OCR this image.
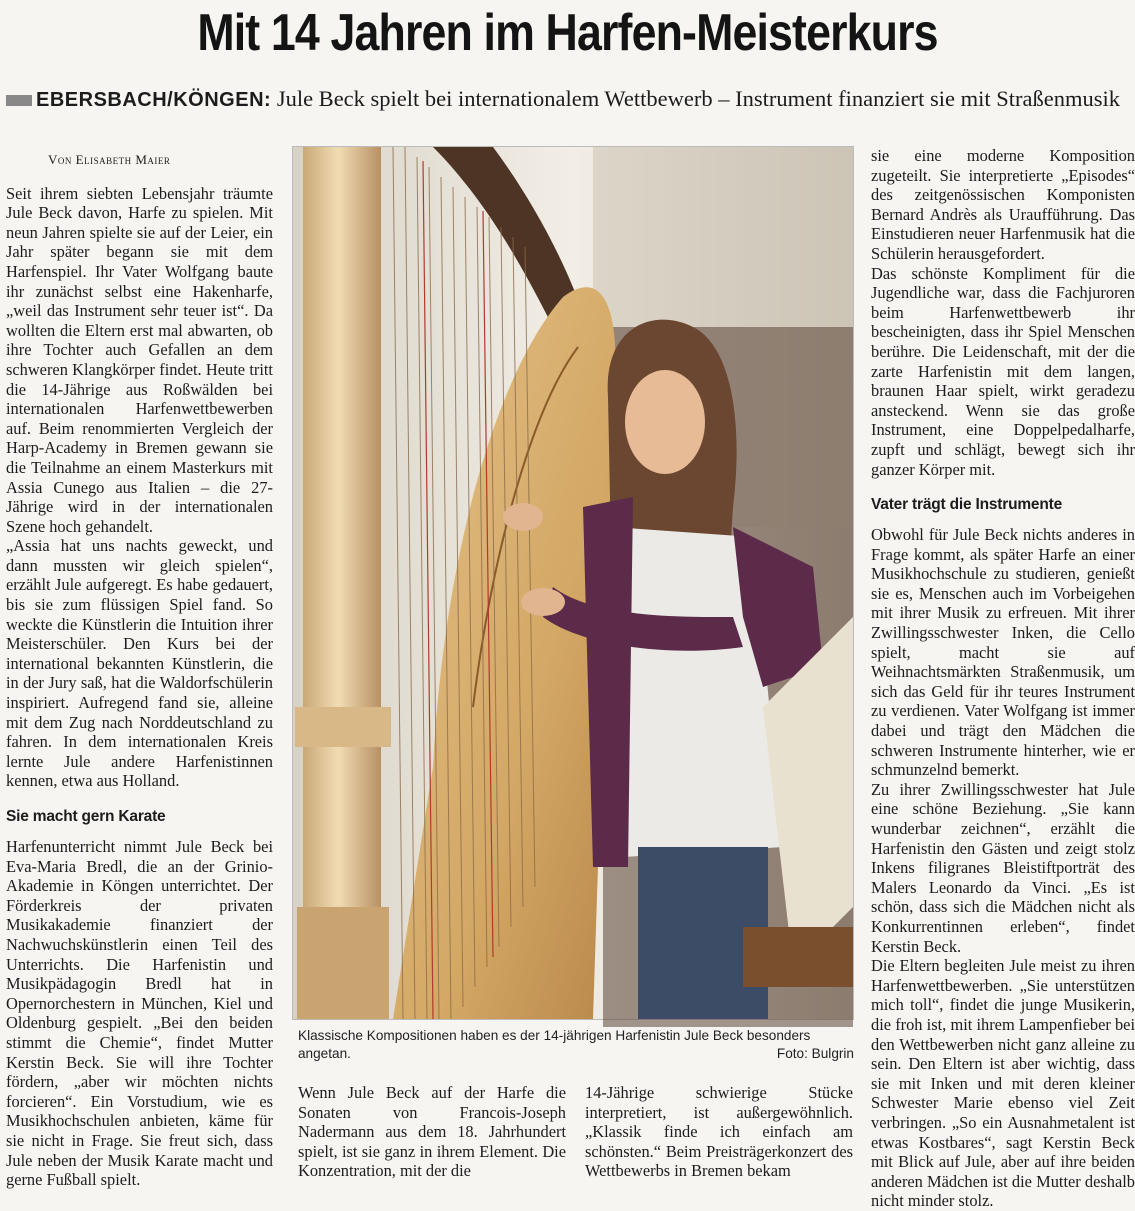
Mit 14 Jahren im Harfen-Meisterkurs
EBERSBACH/KÖNGEN: Jule Beck spielt bei internationalem Wettbewerb – Instrument finanziert sie mit Straßenmusik
Von Elisabeth Maier

Seit ihrem siebten Lebensjahr träumte Jule Beck davon, Harfe zu spielen. Mit neun Jahren spielte sie auf der Leier, ein Jahr später begann sie mit dem Harfenspiel. Ihr Vater Wolfgang baute ihr zunächst selbst eine Hakenharfe, „weil das Instrument sehr teuer ist“. Da wollten die Eltern erst mal abwarten, ob ihre Tochter auch Gefallen an dem schweren Klangkörper findet. Heute tritt die 14-Jährige aus Roßwälden bei internationalen Harfenwettbewerben auf. Beim renommierten Vergleich der Harp-Academy in Bremen gewann sie die Teilnahme an einem Masterkurs mit Assia Cunego aus Italien – die 27-Jährige wird in der internationalen Szene hoch gehandelt.

„Assia hat uns nachts geweckt, und dann mussten wir gleich spielen“, erzählt Jule aufgeregt. Es habe gedauert, bis sie zum flüssigen Spiel fand. So weckte die Künstlerin die Intuition ihrer Meisterschüler. Den Kurs bei der international bekannten Künstlerin, die in der Jury saß, hat die Waldorfschülerin inspiriert. Aufregend fand sie, alleine mit dem Zug nach Norddeutschland zu fahren. In dem internationalen Kreis lernte Jule andere Harfenistinnen kennen, etwa aus Holland.

Sie macht gern Karate

Harfenunterricht nimmt Jule Beck bei Eva-Maria Bredl, die an der Grinio-Akademie in Köngen unterrichtet. Der Förderkreis der privaten Musikakademie finanziert der Nachwuchskünstlerin einen Teil des Unterrichts. Die Harfenistin und Musikpädagogin Bredl hat in Opernorchestern in München, Kiel und Oldenburg gespielt. „Bei den beiden stimmt die Chemie“, findet Mutter Kerstin Beck. Sie will ihre Tochter fördern, „aber wir möchten nichts forcieren“. Ein Vorstudium, wie es Musikhochschulen anbieten, käme für sie nicht in Frage. Sie freut sich, dass Jule neben der Musik Karate macht und gerne Fußball spielt.

Klassische Kompositionen haben es der 14-jährigen Harfenistin Jule Beck besonders angetan.	Foto: Bulgrin

Wenn Jule Beck auf der Harfe die Sonaten von Francois-Joseph Nadermann aus dem 18. Jahrhundert spielt, ist sie ganz in ihrem Element. Die Konzentration, mit der die

14-Jährige schwierige Stücke interpretiert, ist außergewöhnlich. „Klassik finde ich einfach am schönsten.“ Beim Preisträgerkonzert des Wettbewerbs in Bremen bekam

sie eine moderne Komposition zugeteilt. Sie interpretierte „Episodes“ des zeitgenössischen Komponisten Bernard Andrès als Uraufführung. Das Einstudieren neuer Harfenmusik hat die Schülerin herausgefordert.

Das schönste Kompliment für die Jugendliche war, dass die Fachjuroren beim Harfenwettbewerb ihr bescheinigten, dass ihr Spiel Menschen berühre. Die Leidenschaft, mit der die zarte Harfenistin mit dem langen, braunen Haar spielt, wirkt geradezu ansteckend. Wenn sie das große Instrument, eine Doppelpedalharfe, zupft und schlägt, bewegt sich ihr ganzer Körper mit.

Vater trägt die Instrumente

Obwohl für Jule Beck nichts anderes in Frage kommt, als später Harfe an einer Musikhochschule zu studieren, genießt sie es, Menschen auch im Vorbeigehen mit ihrer Musik zu erfreuen. Mit ihrer Zwillingsschwester Inken, die Cello spielt, macht sie auf Weihnachtsmärkten Straßenmusik, um sich das Geld für ihr teures Instrument zu verdienen. Vater Wolfgang ist immer dabei und trägt den Mädchen die schweren Instrumente hinterher, wie er schmunzelnd bemerkt.

Zu ihrer Zwillingsschwester hat Jule eine schöne Beziehung. „Sie kann wunderbar zeichnen“, erzählt die Harfenistin den Gästen und zeigt stolz Inkens filigranes Bleistiftporträt des Malers Leonardo da Vinci. „Es ist schön, dass sich die Mädchen nicht als Konkurrentinnen erleben“, findet Kerstin Beck.

Die Eltern begleiten Jule meist zu ihren Harfenwettbewerben. „Sie unterstützen mich toll“, findet die junge Musikerin, die froh ist, mit ihrem Lampenfieber bei den Wettbewerben nicht ganz alleine zu sein. Den Eltern ist aber wichtig, dass sie mit Inken und mit deren kleiner Schwester Marie ebenso viel Zeit verbringen. „So ein Ausnahmetalent ist etwas Kostbares“, sagt Kerstin Beck mit Blick auf Jule, aber auf ihre beiden anderen Mädchen ist die Mutter deshalb nicht minder stolz.
